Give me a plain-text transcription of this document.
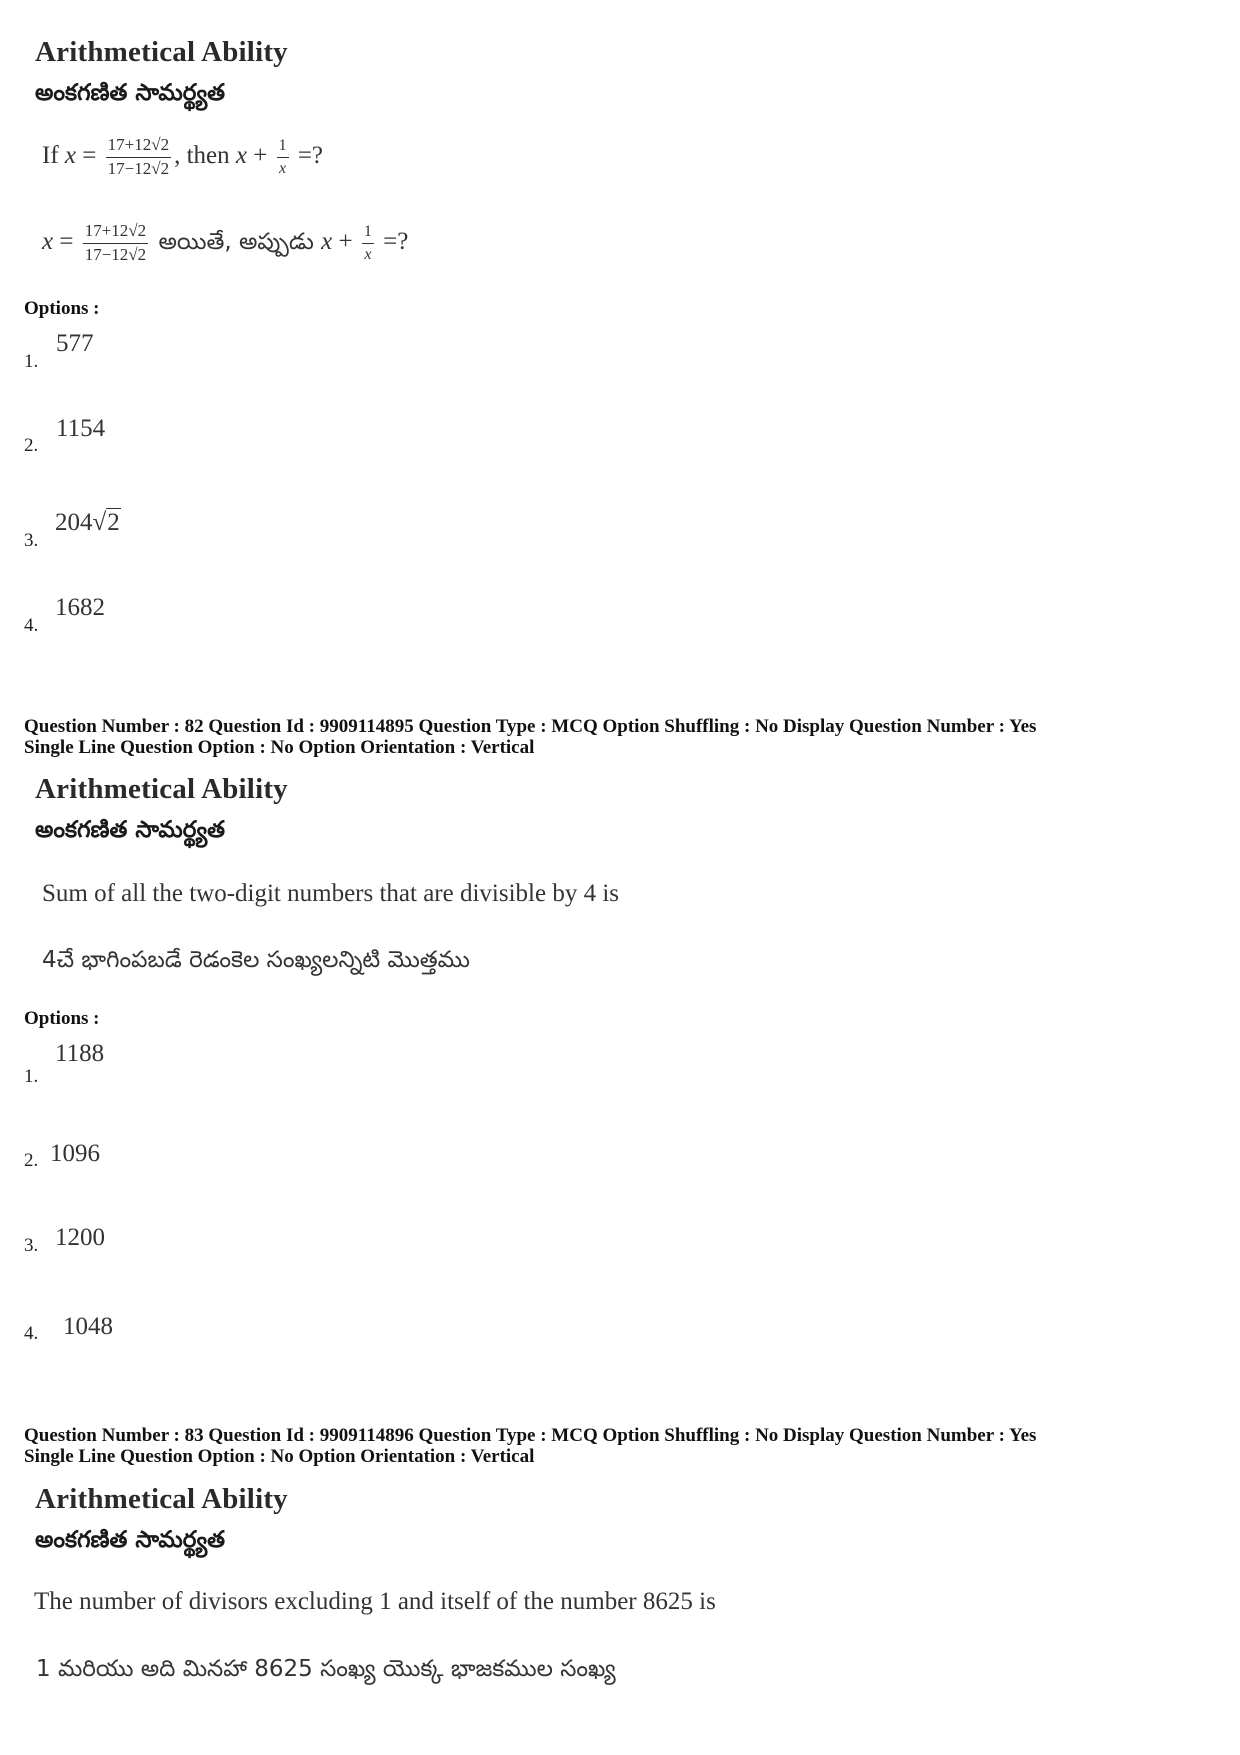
Arithmetical Ability
అంకగణిత సామర్థ్యత
If $x = \frac{17+12√2}{17-12√2}$ , then $x + \frac{1}{x}$ =?
$x = \frac{17+12√2}{17-12√2}$ అయితే, అప్పుడు $x + \frac{1}{x}$ =?
Options :
1.
577
2.
1154
3.
204√2
4.
1682
Question Number : 82 Question Id : 9909114895 Question Type : MCQ Option Shuffling : No Display Question Number : Yes
Single Line Question Option : No Option Orientation : Vertical
Arithmetical Ability
అంకగణిత సామర్థ్యత
Sum of all the two-digit numbers that are divisible by 4 is
4చే భాగింపబడే రెడంకెల సంఖ్యలన్నిటి మొత్తము
Options :
1.
1188
2. 1096
3. 1200
4. 1048
Question Number : 83 Question Id : 9909114896 Question Type : MCQ Option Shuffling : No Display Question Number : Yes
Single Line Question Option : No Option Orientation : Vertical
Arithmetical Ability
అంకగణిత సామర్థ్యత
The number of divisors excluding 1 and itself of the number 8625 is
1 మరియు అది మినహా 8625 సంఖ్య యొక్క భాజకముల సంఖ్య
